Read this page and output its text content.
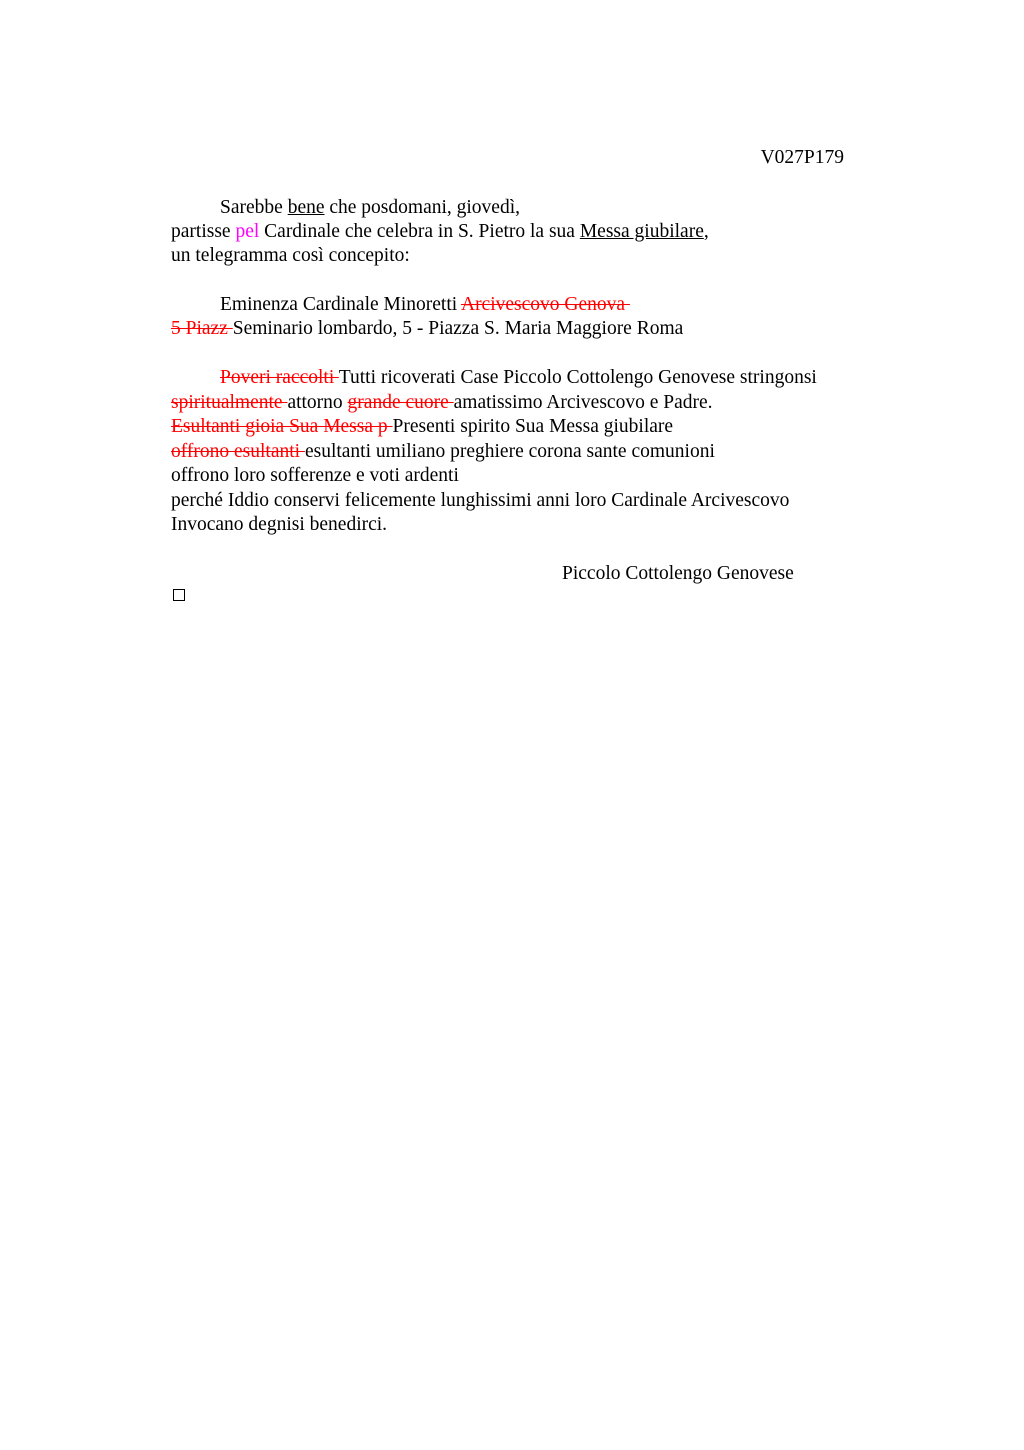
V027P179
Sarebbe bene che posdomani, giovedì,
partisse pel Cardinale che celebra in S. Pietro la sua Messa giubilare,
un telegramma così concepito:
Eminenza Cardinale Minoretti Arcivescovo Genova
5 Piazz Seminario lombardo, 5 - Piazza S. Maria Maggiore Roma
Poveri raccolti Tutti ricoverati Case Piccolo Cottolengo Genovese stringonsi
spiritualmente attorno grande cuore amatissimo Arcivescovo e Padre.
Esultanti gioia Sua Messa p Presenti spirito Sua Messa giubilare
offrono esultanti esultanti umiliano preghiere corona sante comunioni
offrono loro sofferenze e voti ardenti
perché Iddio conservi felicemente lunghissimi anni loro Cardinale Arcivescovo
Invocano degnisi benedirci.
Piccolo Cottolengo Genovese
